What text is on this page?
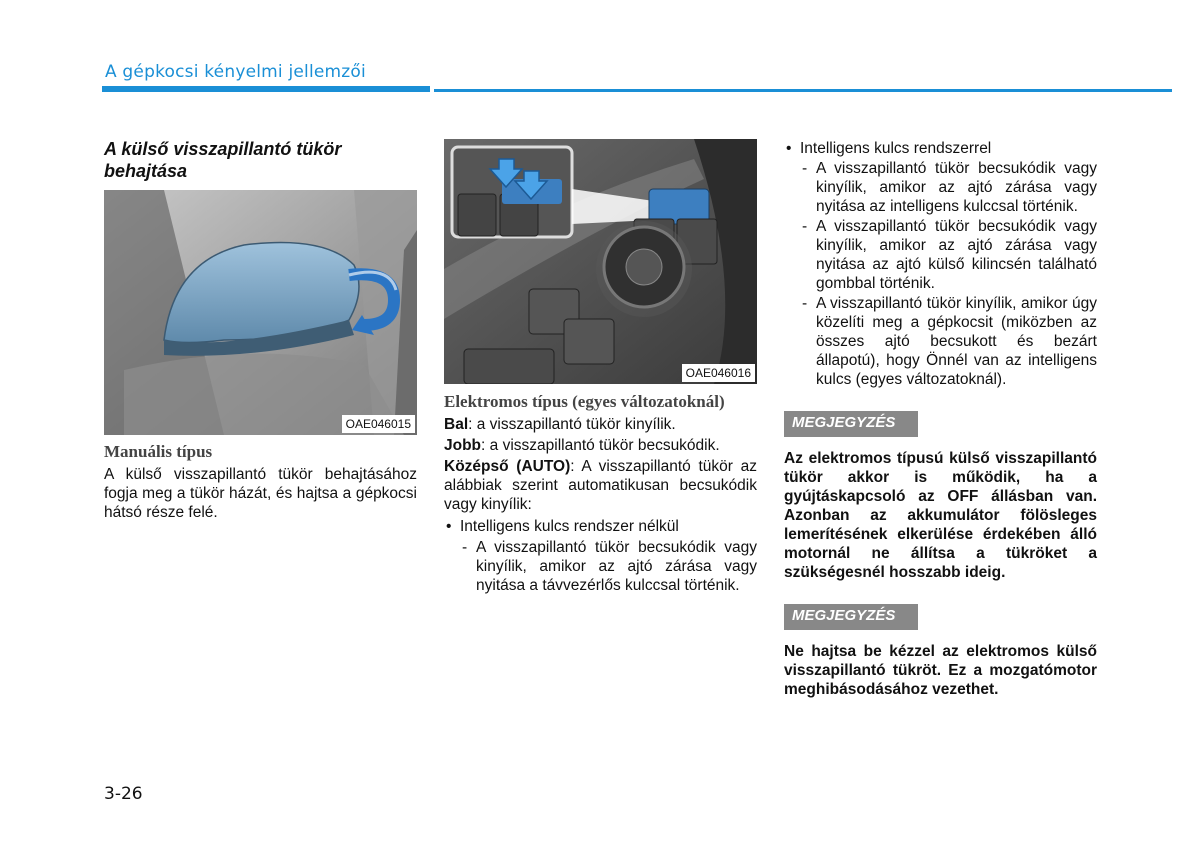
A gépkocsi kényelmi jellemzői
A külső visszapillantó tükör behajtása
OAE046015
OAE046016
Manuális típus
A külső visszapillantó tükör behajtásához fogja meg a tükör házát, és hajtsa a gépkocsi hátsó része felé.
Elektromos típus (egyes változatoknál)
Bal: a visszapillantó tükör kinyílik.
Jobb: a visszapillantó tükör becsukódik.
Középső (AUTO): A visszapillantó tükör az alábbiak szerint automatikusan becsukódik vagy kinyílik:
• Intelligens kulcs rendszer nélkül
- A visszapillantó tükör becsukódik vagy kinyílik, amikor az ajtó zárása vagy nyitása a távvezérlős kulccsal történik.
• Intelligens kulcs rendszerrel
- A visszapillantó tükör becsukódik vagy kinyílik, amikor az ajtó zárása vagy nyitása az intelligens kulccsal történik.
- A visszapillantó tükör becsukódik vagy kinyílik, amikor az ajtó zárása vagy nyitása az ajtó külső kilincsén található gombbal történik.
- A visszapillantó tükör kinyílik, amikor úgy közelíti meg a gépkocsit (miközben az összes ajtó becsukott és bezárt állapotú), hogy Önnél van az intelligens kulcs (egyes változatoknál).
MEGJEGYZÉS
Az elektromos típusú külső visszapillantó tükör akkor is működik, ha a gyújtáskapcsoló az OFF állásban van. Azonban az akkumulátor fölösleges lemerítésének elkerülése érdekében álló motornál ne állítsa a tükröket a szükségesnél hosszabb ideig.
MEGJEGYZÉS
Ne hajtsa be kézzel az elektromos külső visszapillantó tükröt. Ez a mozgatómotor meghibásodásához vezethet.
3-26
